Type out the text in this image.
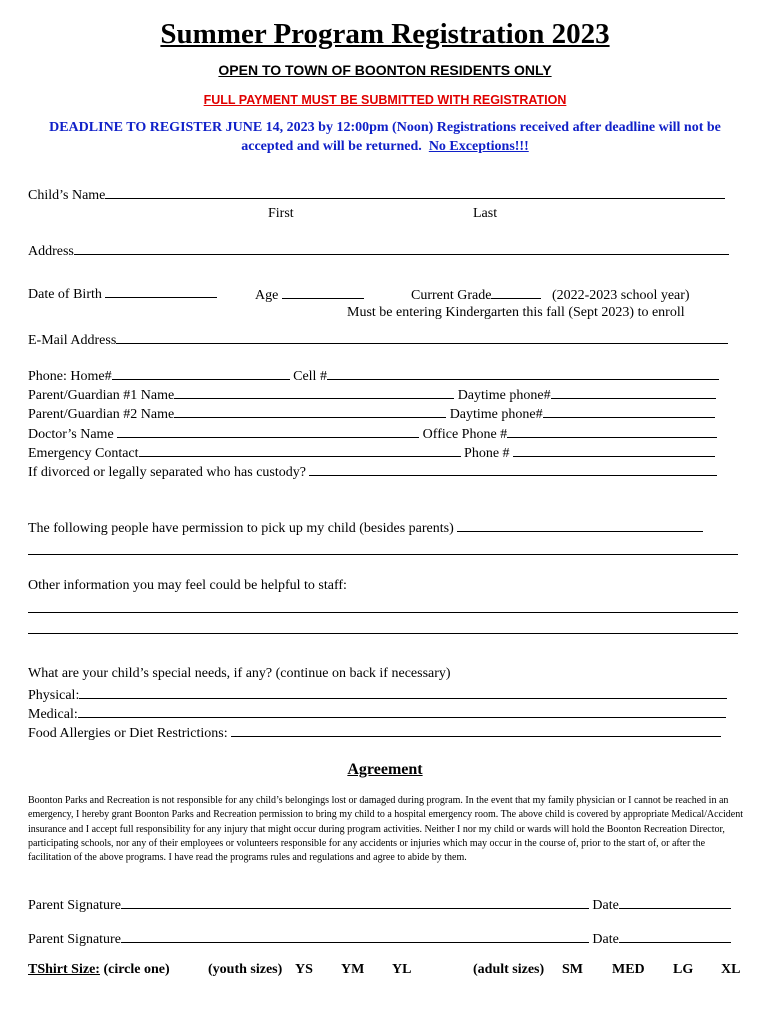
Summer Program Registration 2023
OPEN TO TOWN OF BOONTON RESIDENTS ONLY
FULL PAYMENT MUST BE SUBMITTED WITH REGISTRATION
DEADLINE TO REGISTER JUNE 14, 2023 by 12:00pm (Noon) Registrations received after deadline will not be accepted and will be returned. No Exceptions!!!
Child’s Name
First	Last
Address
Date of Birth	Age	Current Grade	(2022-2023 school year)
Must be entering Kindergarten this fall (Sept 2023) to enroll
E-Mail Address
Phone: Home#	Cell #
Parent/Guardian #1 Name	Daytime phone#
Parent/Guardian #2 Name	Daytime phone#
Doctor’s Name	Office Phone #
Emergency Contact	Phone #
If divorced or legally separated who has custody?
The following people have permission to pick up my child (besides parents)
Other information you may feel could be helpful to staff:
What are your child’s special needs, if any? (continue on back if necessary)
Physical:
Medical:
Food Allergies or Diet Restrictions:
Agreement
Boonton Parks and Recreation is not responsible for any child’s belongings lost or damaged during program. In the event that my family physician or I cannot be reached in an emergency, I hereby grant Boonton Parks and Recreation permission to bring my child to a hospital emergency room. The above child is covered by appropriate Medical/Accident insurance and I accept full responsibility for any injury that might occur during program activities. Neither I nor my child or wards will hold the Boonton Recreation Director, participating schools, nor any of their employees or volunteers responsible for any accidents or injuries which may occur in the course of, prior to the start of, or after the facilitation of the above programs. I have read the programs rules and regulations and agree to abide by them.
Parent Signature	Date
Parent Signature	Date
TShirt Size: (circle one)	(youth sizes) YS YM YL	(adult sizes) SM MED LG XL
